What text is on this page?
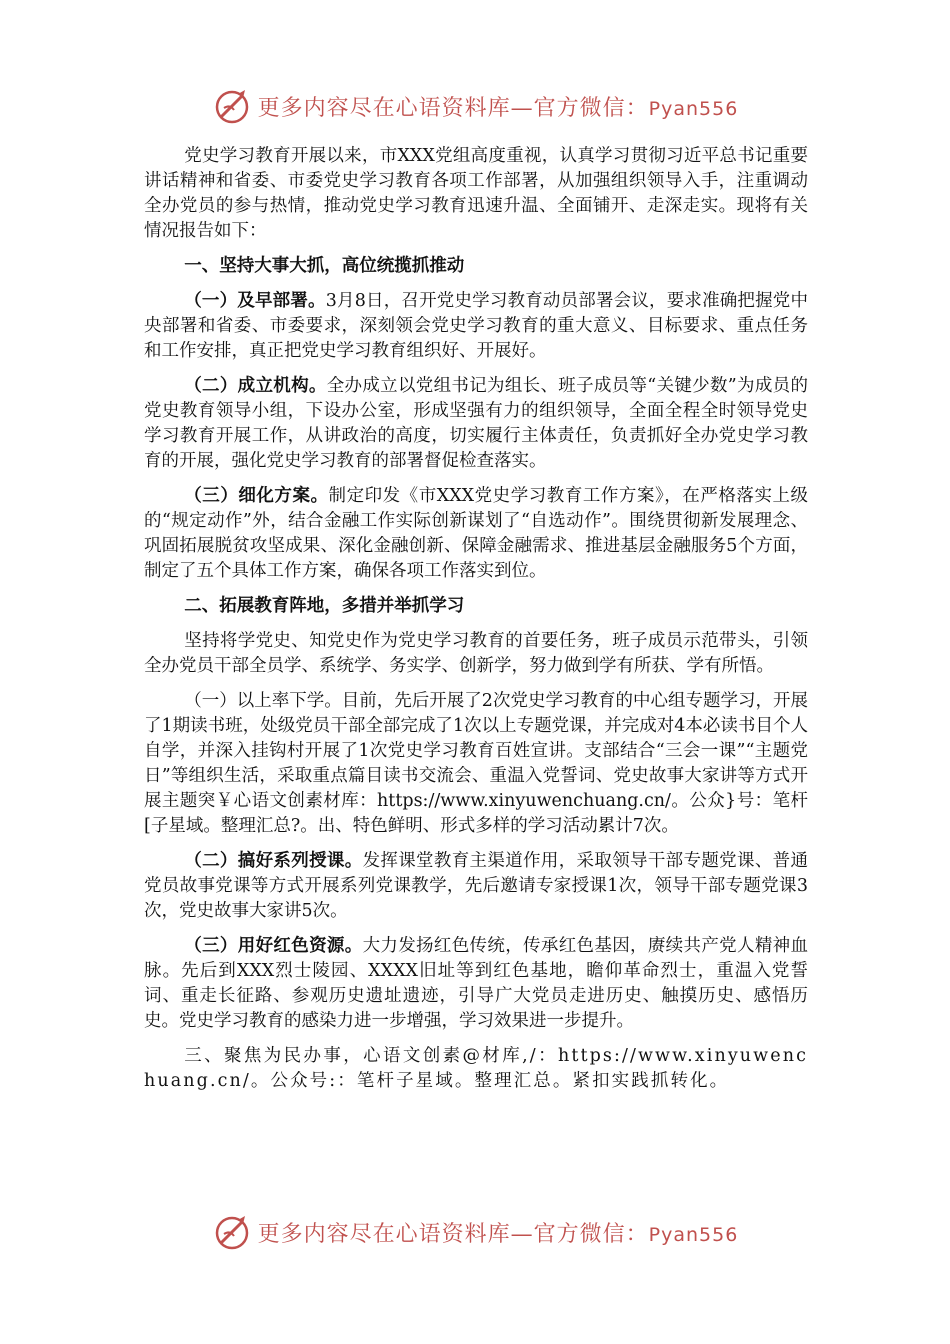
更多内容尽在心语资料库—官方微信：Pyan556

党史学习教育开展以来，市XXX党组高度重视，认真学习贯彻习近平总书记重要讲话精神和省委、市委党史学习教育各项工作部署，从加强组织领导入手，注重调动全办党员的参与热情，推动党史学习教育迅速升温、全面铺开、走深走实。现将有关情况报告如下：

一、坚持大事大抓，高位统揽抓推动

（一）及早部署。3月8日，召开党史学习教育动员部署会议，要求准确把握党中央部署和省委、市委要求，深刻领会党史学习教育的重大意义、目标要求、重点任务和工作安排，真正把党史学习教育组织好、开展好。

（二）成立机构。全办成立以党组书记为组长、班子成员等“关键少数”为成员的党史教育领导小组，下设办公室，形成坚强有力的组织领导，全面全程全时领导党史学习教育开展工作，从讲政治的高度，切实履行主体责任，负责抓好全办党史学习教育的开展，强化党史学习教育的部署督促检查落实。

（三）细化方案。制定印发《市XXX党史学习教育工作方案》，在严格落实上级的“规定动作”外，结合金融工作实际创新谋划了“自选动作”。围绕贯彻新发展理念、巩固拓展脱贫攻坚成果、深化金融创新、保障金融需求、推进基层金融服务5个方面，制定了五个具体工作方案，确保各项工作落实到位。

二、拓展教育阵地，多措并举抓学习

坚持将学党史、知党史作为党史学习教育的首要任务，班子成员示范带头，引领全办党员干部全员学、系统学、务实学、创新学，努力做到学有所获、学有所悟。

（一）以上率下学。目前，先后开展了2次党史学习教育的中心组专题学习，开展了1期读书班，处级党员干部全部完成了1次以上专题党课，并完成对4本必读书目个人自学，并深入挂钩村开展了1次党史学习教育百姓宣讲。支部结合“三会一课”“主题党日”等组织生活，采取重点篇目读书交流会、重温入党誓词、党史故事大家讲等方式开展主题突￥心语文创素材库：https://www.xinyuwenchuang.cn/。公众}号：笔杆[子星域。整理汇总?。出、特色鲜明、形式多样的学习活动累计7次。

（二）搞好系列授课。发挥课堂教育主渠道作用，采取领导干部专题党课、普通党员故事党课等方式开展系列党课教学，先后邀请专家授课1次，领导干部专题党课3次，党史故事大家讲5次。

（三）用好红色资源。大力发扬红色传统，传承红色基因，赓续共产党人精神血脉。先后到XXX烈士陵园、XXXX旧址等到红色基地，瞻仰革命烈士，重温入党誓词、重走长征路、参观历史遗址遗迹，引导广大党员走进历史、触摸历史、感悟历史。党史学习教育的感染力进一步增强，学习效果进一步提升。

三、聚焦为民办事，心语文创素@材库,/：https://www.xinyuwenchuang.cn/。公众号:：笔杆子星域。整理汇总。紧扣实践抓转化。

更多内容尽在心语资料库—官方微信：Pyan556
